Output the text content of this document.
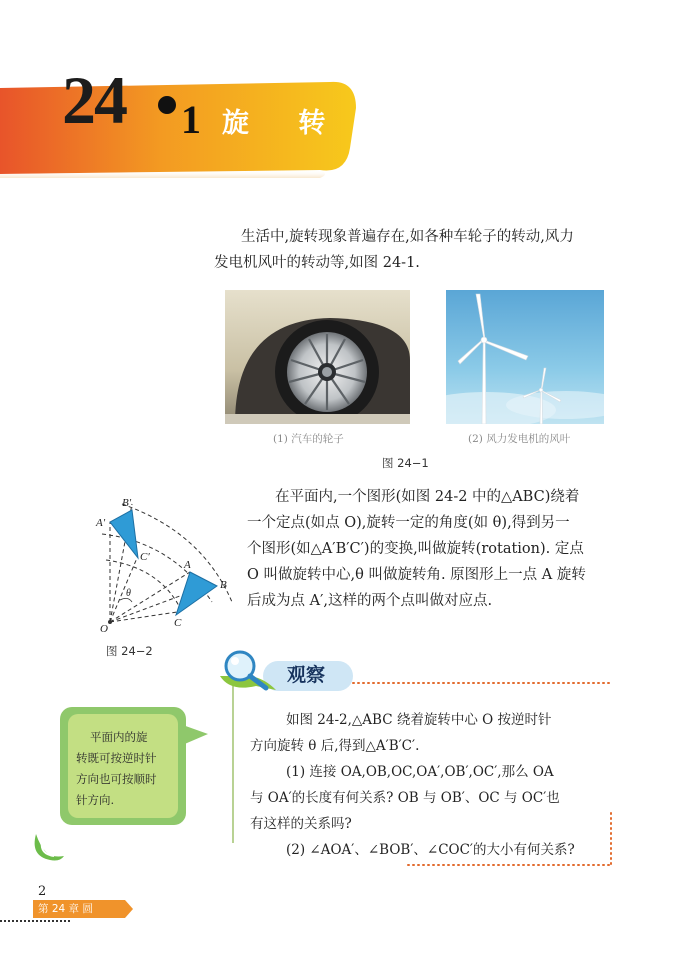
24 1 旋 转
生活中,旋转现象普遍存在,如各种车轮子的转动,风力
发电机风叶的转动等,如图 24-1.
(1) 汽车的轮子	(2) 风力发电机的风叶
图 24−1
B′
A′
C′
A
B
C
O
θ
图 24−2
在平面内,一个图形(如图 24-2 中的△ABC)绕着
一个定点(如点 O),旋转一定的角度(如 θ),得到另一
个图形(如△A′B′C′)的变换,叫做旋转(rotation). 定点
O 叫做旋转中心,θ 叫做旋转角. 原图形上一点 A 旋转
后成为点 A′,这样的两个点叫做对应点.
观察
如图 24-2,△ABC 绕着旋转中心 O 按逆时针
方向旋转 θ 后,得到△A′B′C′.
(1) 连接 OA,OB,OC,OA′,OB′,OC′,那么 OA
与 OA′的长度有何关系? OB 与 OB′、OC 与 OC′也
有这样的关系吗?
(2) ∠AOA′、∠BOB′、∠COC′的大小有何关系?
平面内的旋
转既可按逆时针
方向也可按顺时
针方向.
2
第 24 章 圆
